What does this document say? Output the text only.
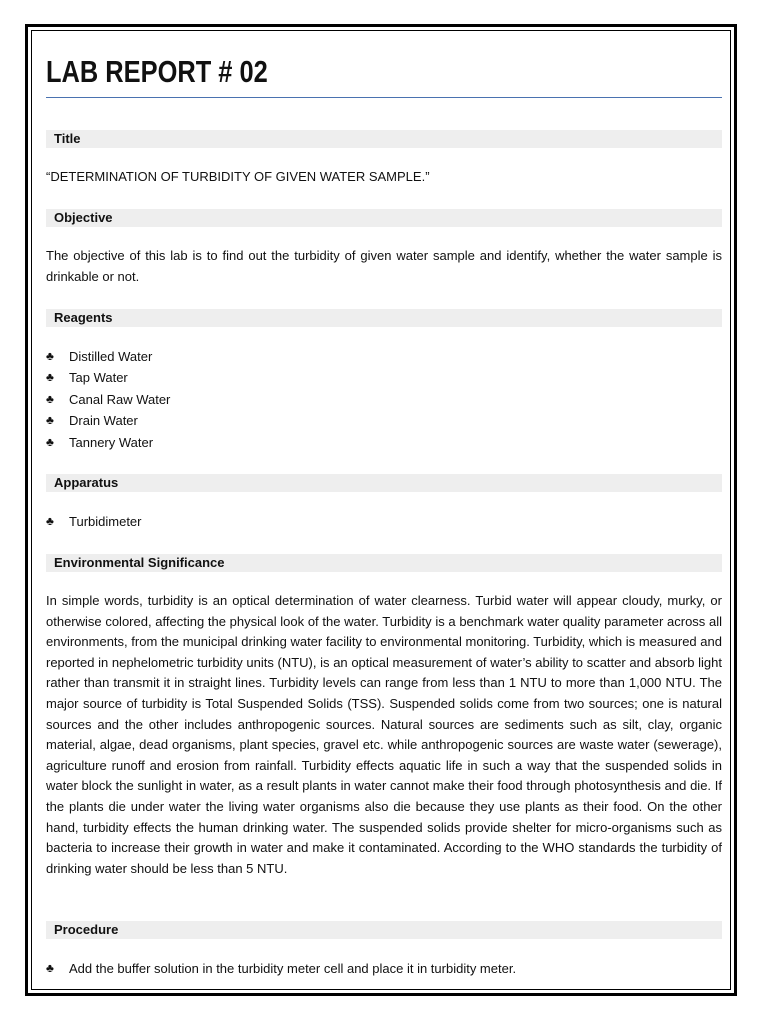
LAB REPORT # 02
Title

“DETERMINATION OF TURBIDITY OF GIVEN WATER SAMPLE.”

Objective

The objective of this lab is to find out the turbidity of given water sample and identify, whether the water sample is drinkable or not.

Reagents
♣ Distilled Water
♣ Tap Water
♣ Canal Raw Water
♣ Drain Water
♣ Tannery Water
Apparatus
♣ Turbidimeter
Environmental Significance

In simple words, turbidity is an optical determination of water clearness. Turbid water will appear cloudy, murky, or otherwise colored, affecting the physical look of the water. Turbidity is a benchmark water quality parameter across all environments, from the municipal drinking water facility to environmental monitoring. Turbidity, which is measured and reported in nephelometric turbidity units (NTU), is an optical measurement of water’s ability to scatter and absorb light rather than transmit it in straight lines. Turbidity levels can range from less than 1 NTU to more than 1,000 NTU. The major source of turbidity is Total Suspended Solids (TSS). Suspended solids come from two sources; one is natural sources and the other includes anthropogenic sources. Natural sources are sediments such as silt, clay, organic material, algae, dead organisms, plant species, gravel etc. while anthropogenic sources are waste water (sewerage), agriculture runoff and erosion from rainfall. Turbidity effects aquatic life in such a way that the suspended solids in water block the sunlight in water, as a result plants in water cannot make their food through photosynthesis and die. If the plants die under water the living water organisms also die because they use plants as their food. On the other hand, turbidity effects the human drinking water. The suspended solids provide shelter for micro-organisms such as bacteria to increase their growth in water and make it contaminated. According to the WHO standards the turbidity of drinking water should be less than 5 NTU.

Procedure
♣ Add the buffer solution in the turbidity meter cell and place it in turbidity meter.
